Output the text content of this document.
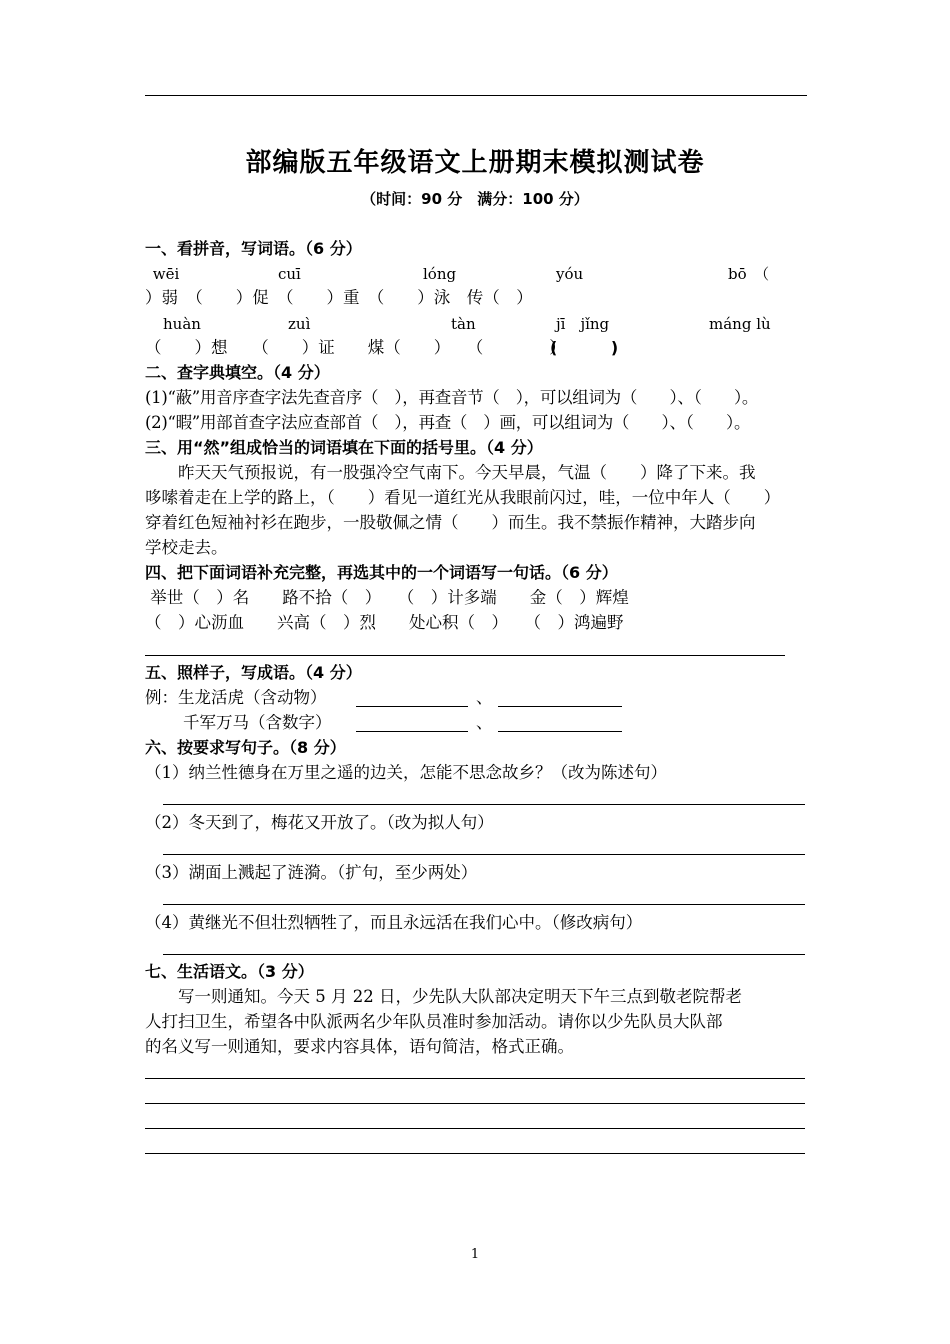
部编版五年级语文上册期末模拟测试卷
（时间：90 分　满分：100 分）
一、看拼音，写词语。（6 分）
wēi	cuī	lóng	yóu	bō　（
）弱　（　　）促　（　　）重　（　　）泳　传（　）
huàn	zuì	tàn	jī　jǐng	máng lù
（　　）想　　（　　）证　　煤（　　）　　（　　　　）
(　　　 )
二、查字典填空。（4 分）
(1)“蔽”用音序查字法先查音序（　），再查音节（　），可以组词为（　　）、（　　）。
(2)“暇”用部首查字法应查部首（　），再查（　）画，可以组词为（　　）、（　　）。
三、用“然”组成恰当的词语填在下面的括号里。（4 分）
　　昨天天气预报说，有一股强冷空气南下。今天早晨，气温（　　）降了下来。我
哆嗦着走在上学的路上，（　　）看见一道红光从我眼前闪过，哇，一位中年人（　　）
穿着红色短袖衬衫在跑步，一股敬佩之情（　　）而生。我不禁振作精神，大踏步向
学校走去。
四、把下面词语补充完整，再选其中的一个词语写一句话。（6 分）
举世（　）名　　路不拾（　）　　（　）计多端　　金（　）辉煌
（　）心沥血　　兴高（　）烈　　处心积（　）　　（　）鸿遍野
五、照样子，写成语。（4 分）
例：生龙活虎（含动物）	、
千军万马（含数字）	、
六、按要求写句子。（8 分）
（1）纳兰性德身在万里之遥的边关，怎能不思念故乡？（改为陈述句）
（2）冬天到了，梅花又开放了。（改为拟人句）
（3）湖面上溅起了涟漪。（扩句，至少两处）
（4）黄继光不但壮烈牺牲了，而且永远活在我们心中。（修改病句）
七、生活语文。（3 分）
　　写一则通知。今天 5 月 22 日，少先队大队部决定明天下午三点到敬老院帮老
人打扫卫生，希望各中队派两名少年队员准时参加活动。请你以少先队员大队部
的名义写一则通知，要求内容具体，语句简洁，格式正确。
1
